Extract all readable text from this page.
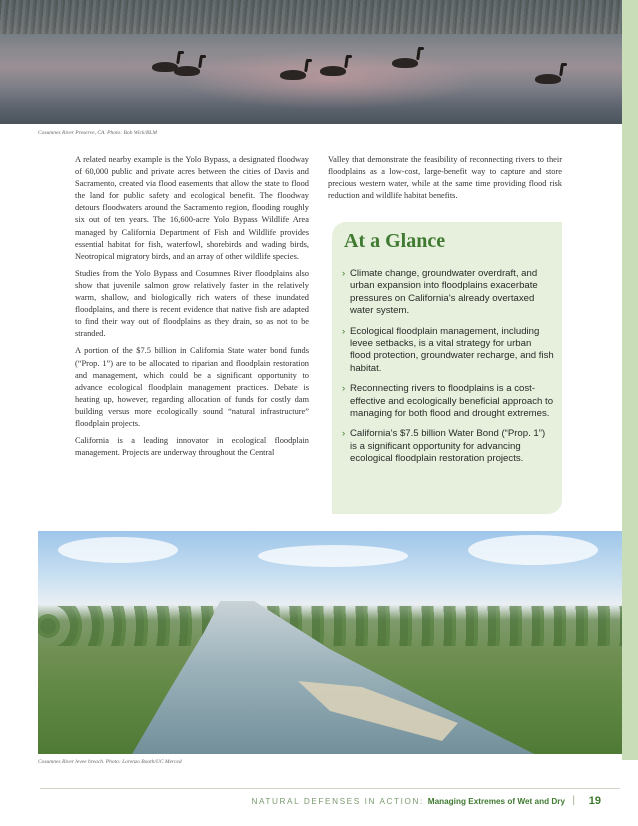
Cosumnes River Preserve, CA. Photo: Bob Wick/BLM

A related nearby example is the Yolo Bypass, a designated floodway of 60,000 public and private acres between the cities of Davis and Sacramento, created via flood easements that allow the state to flood the land for public safety and ecological benefit. The floodway detours floodwaters around the Sacramento region, flooding roughly six out of ten years. The 16,600-acre Yolo Bypass Wildlife Area managed by California Department of Fish and Wildlife provides essential habitat for fish, waterfowl, shorebirds and wading birds, Neotropical migratory birds, and an array of other wildlife species.

Studies from the Yolo Bypass and Cosumnes River floodplains also show that juvenile salmon grow relatively faster in the relatively warm, shallow, and biologically rich waters of these inundated floodplains, and there is recent evidence that native fish are adapted to find their way out of floodplains as they drain, so as not to be stranded.

A portion of the $7.5 billion in California State water bond funds (“Prop. 1”) are to be allocated to riparian and floodplain restoration and management, which could be a significant opportunity to advance ecological floodplain management practices. Debate is heating up, however, regarding allocation of funds for costly dam building versus more ecologically sound “natural infrastructure” floodplain projects.

California is a leading innovator in ecological floodplain management. Projects are underway throughout the Central

Valley that demonstrate the feasibility of reconnecting rivers to their floodplains as a low-cost, large-benefit way to capture and store precious western water, while at the same time providing flood risk reduction and wildlife habitat benefits.

At a Glance
› Climate change, groundwater overdraft, and urban expansion into floodplains exacerbate pressures on California’s already overtaxed water system.
› Ecological floodplain management, including levee setbacks, is a vital strategy for urban flood protection, groundwater recharge, and fish habitat.
› Reconnecting rivers to floodplains is a cost-effective and ecologically beneficial approach to managing for both flood and drought extremes.
› California’s $7.5 billion Water Bond (“Prop. 1”) is a significant opportunity for advancing ecological floodplain restoration projects.
Cosumnes River levee breach. Photo: Lorenzo Booth/UC Merced
NATURAL DEFENSES IN ACTION: Managing Extremes of Wet and Dry | 19
